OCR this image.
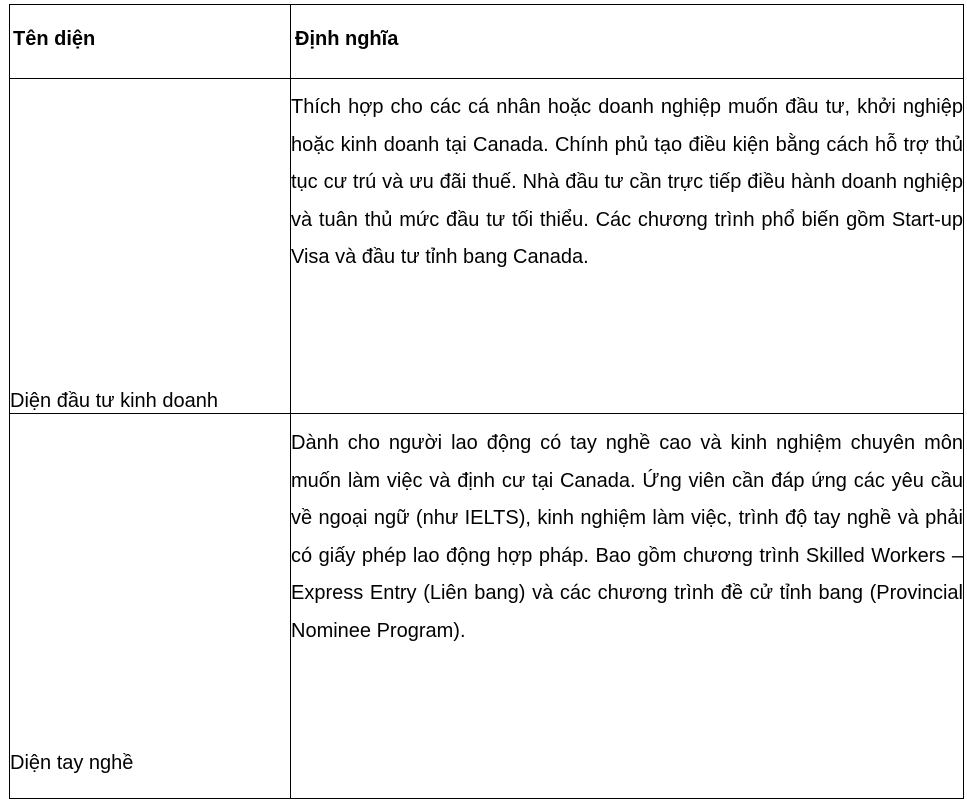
Tên diện	Định nghĩa
Diện đầu tư kinh doanh	Thích hợp cho các cá nhân hoặc doanh nghiệp muốn đầu tư, khởi nghiệp hoặc kinh doanh tại Canada. Chính phủ tạo điều kiện bằng cách hỗ trợ thủ tục cư trú và ưu đãi thuế. Nhà đầu tư cần trực tiếp điều hành doanh nghiệp và tuân thủ mức đầu tư tối thiểu. Các chương trình phổ biến gồm Start-up Visa và đầu tư tỉnh bang Canada.

Diện tay nghề	Dành cho người lao động có tay nghề cao và kinh nghiệm chuyên môn muốn làm việc và định cư tại Canada. Ứng viên cần đáp ứng các yêu cầu về ngoại ngữ (như IELTS), kinh nghiệm làm việc, trình độ tay nghề và phải có giấy phép lao động hợp pháp. Bao gồm chương trình Skilled Workers – Express Entry (Liên bang) và các chương trình đề cử tỉnh bang (Provincial Nominee Program).
